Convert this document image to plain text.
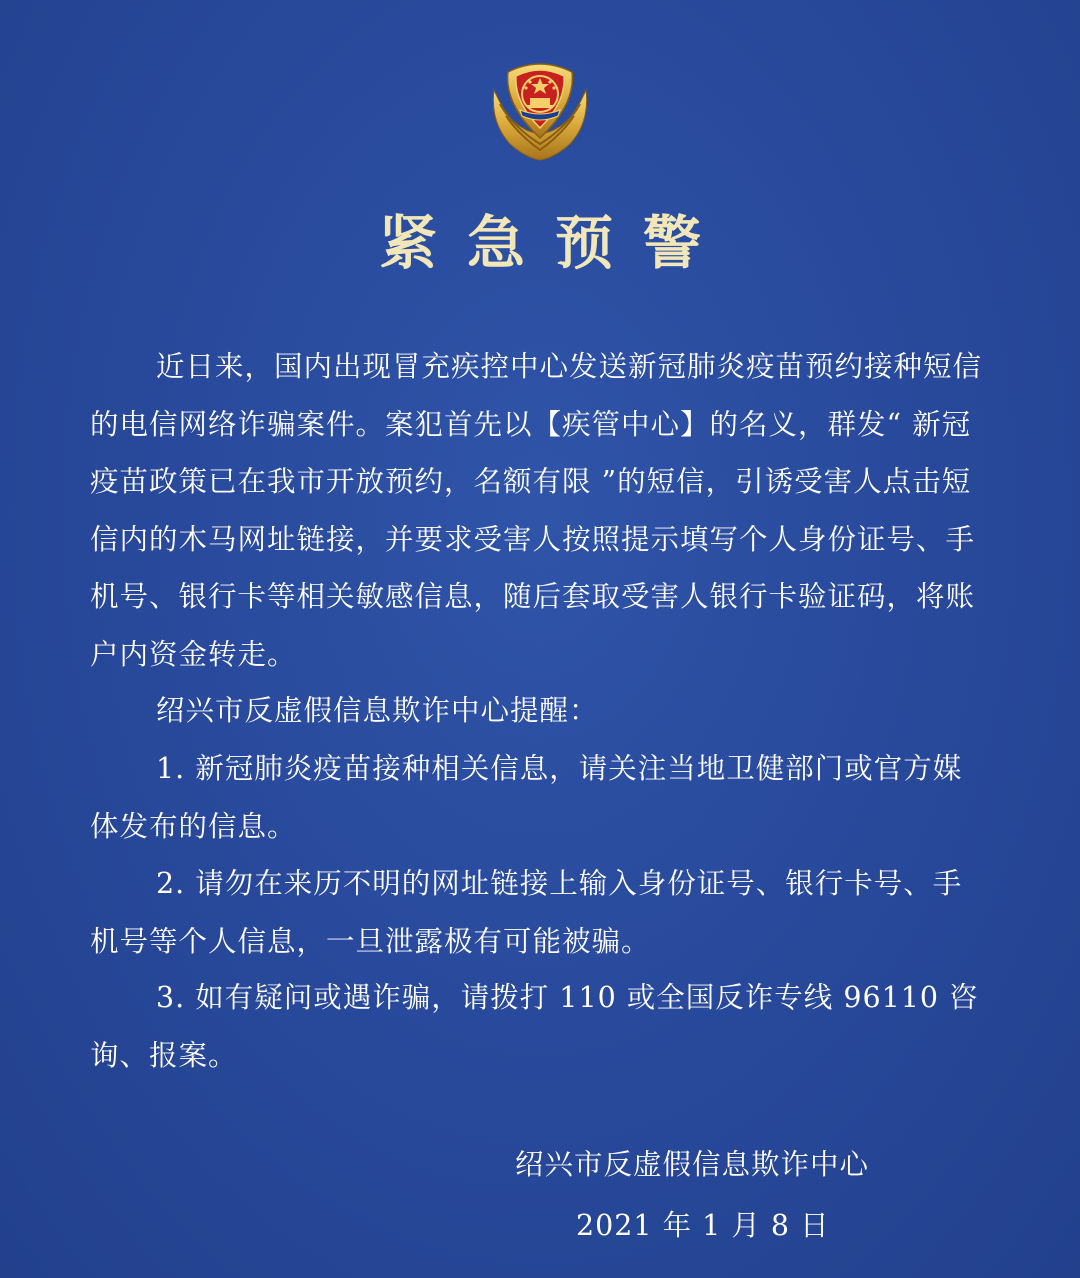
紧急预警

近日来，国内出现冒充疾控中心发送新冠肺炎疫苗预约接种短信的电信网络诈骗案件。案犯首先以【疾管中心】的名义，群发“ 新冠疫苗政策已在我市开放预约，名额有限 ”的短信，引诱受害人点击短信内的木马网址链接，并要求受害人按照提示填写个人身份证号、手机号、银行卡等相关敏感信息，随后套取受害人银行卡验证码，将账户内资金转走。

绍兴市反虚假信息欺诈中心提醒：

1. 新冠肺炎疫苗接种相关信息，请关注当地卫健部门或官方媒体发布的信息。

2. 请勿在来历不明的网址链接上输入身份证号、银行卡号、手机号等个人信息，一旦泄露极有可能被骗。

3. 如有疑问或遇诈骗，请拨打 110 或全国反诈专线 96110 咨询、报案。

绍兴市反虚假信息欺诈中心
2021 年 1 月 8 日
